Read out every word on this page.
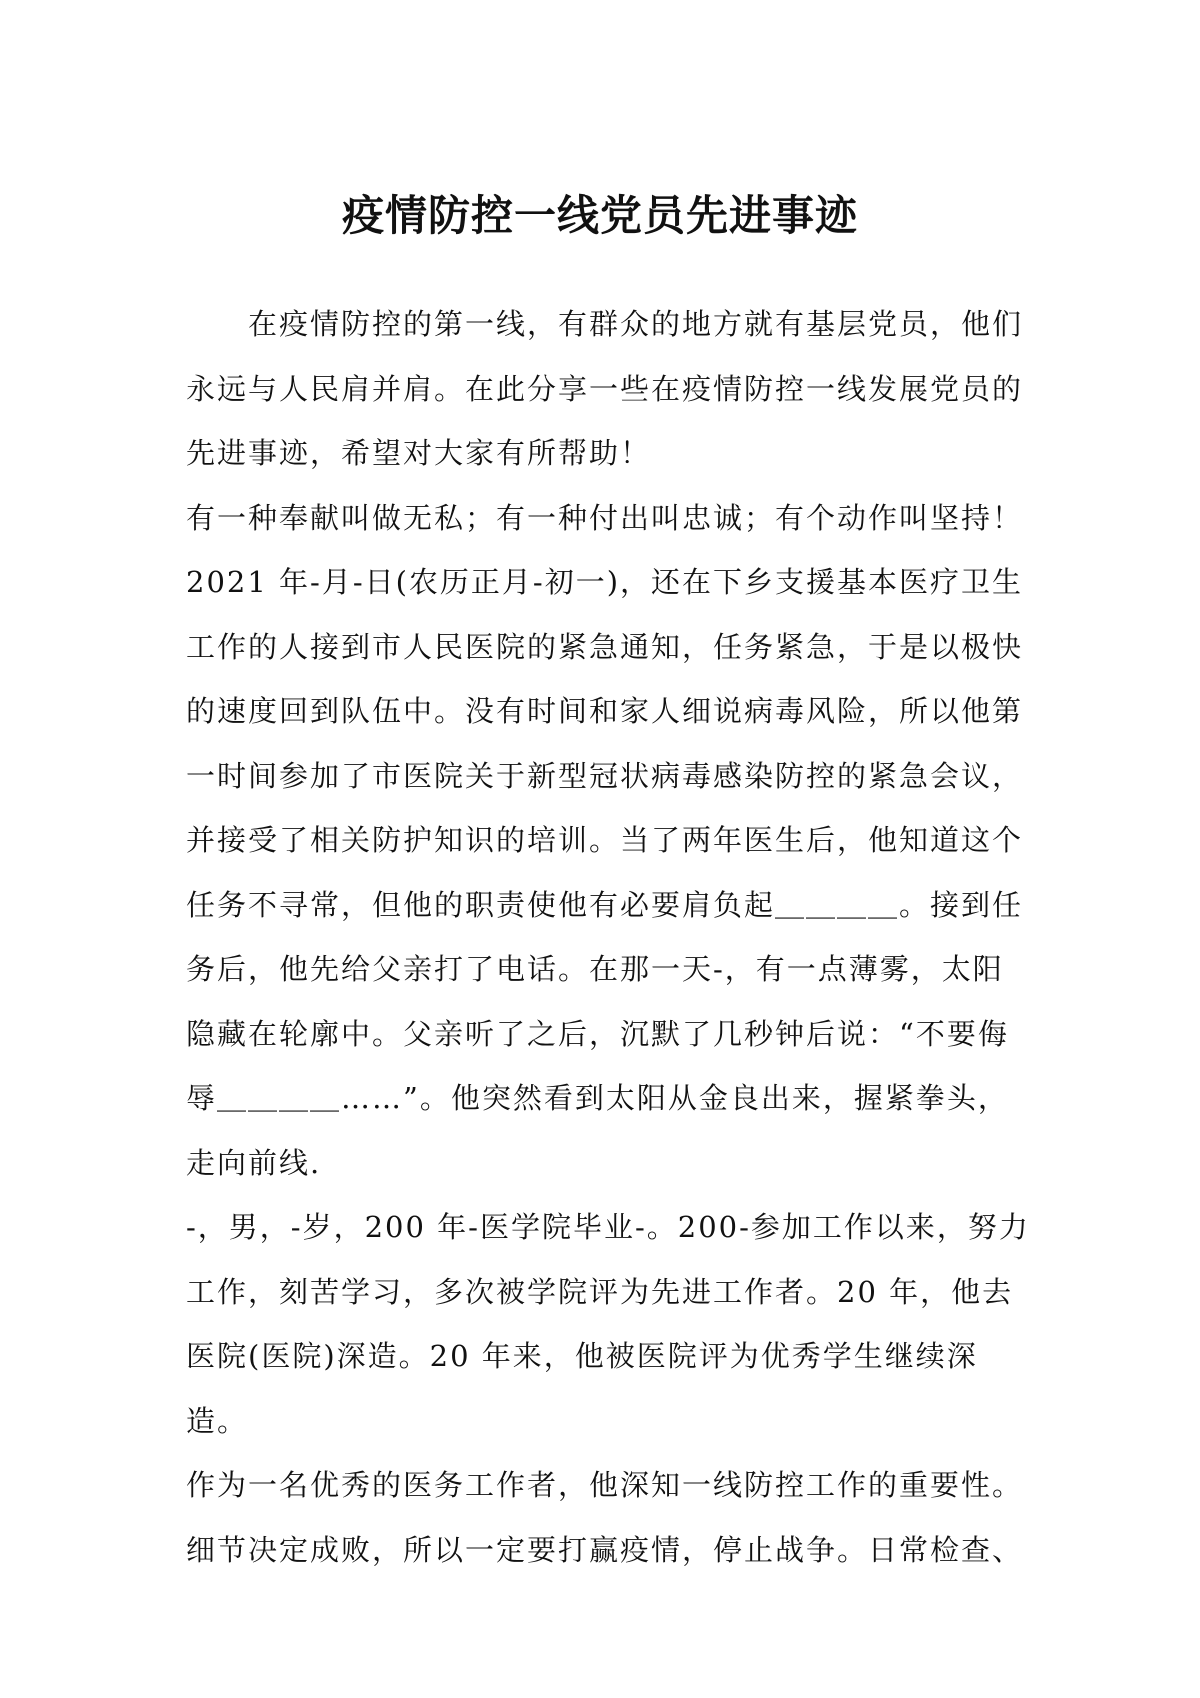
疫情防控一线党员先进事迹

在疫情防控的第一线，有群众的地方就有基层党员，他们永远与人民肩并肩。在此分享一些在疫情防控一线发展党员的先进事迹，希望对大家有所帮助！

有一种奉献叫做无私；有一种付出叫忠诚；有个动作叫坚持！

2021 年-月-日(农历正月-初一)，还在下乡支援基本医疗卫生工作的人接到市人民医院的紧急通知，任务紧急，于是以极快的速度回到队伍中。没有时间和家人细说病毒风险，所以他第一时间参加了市医院关于新型冠状病毒感染防控的紧急会议，并接受了相关防护知识的培训。当了两年医生后，他知道这个任务不寻常，但他的职责使他有必要肩负起＿＿＿＿。接到任务后，他先给父亲打了电话。在那一天-，有一点薄雾，太阳隐藏在轮廓中。父亲听了之后，沉默了几秒钟后说：“不要侮辱＿＿＿＿……”。他突然看到太阳从金良出来，握紧拳头，走向前线.

-，男，-岁，200 年-医学院毕业-。200-参加工作以来，努力工作，刻苦学习，多次被学院评为先进工作者。20 年，他去医院(医院)深造。20 年来，他被医院评为优秀学生继续深造。

作为一名优秀的医务工作者，他深知一线防控工作的重要性。细节决定成败，所以一定要打赢疫情，停止战争。日常检查、
